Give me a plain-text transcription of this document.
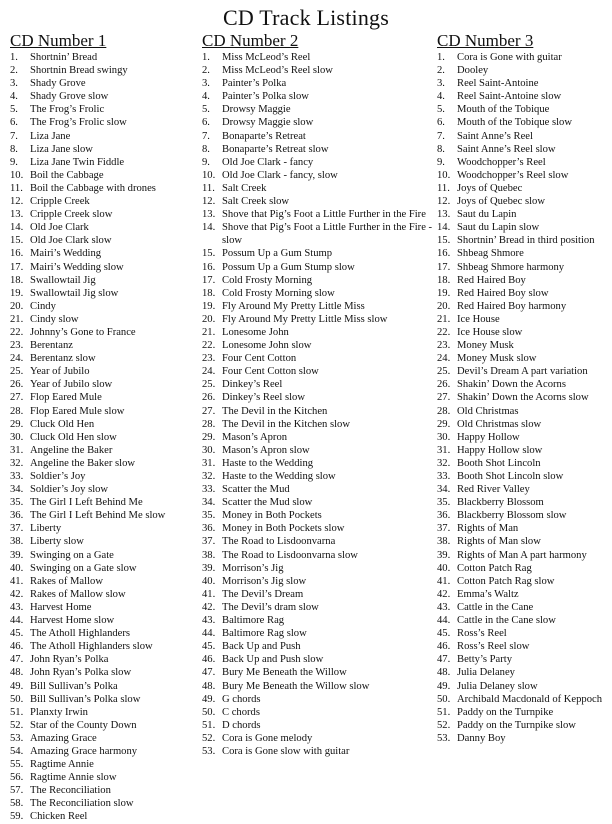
CD Track Listings
CD Number 1
1.	Shortnin’ Bread
2.	Shortnin Bread swingy
3.	Shady Grove
4.	Shady Grove slow
5.	The Frog’s Frolic
6.	The Frog’s Frolic slow
7.	Liza Jane
8.	Liza Jane slow
9.	Liza Jane Twin Fiddle
10. Boil the Cabbage
11. Boil the Cabbage with drones
12. Cripple Creek
13. Cripple Creek slow
14. Old Joe Clark
15. Old Joe Clark slow
16. Mairi’s Wedding
17. Mairi’s Wedding slow
18. Swallowtail Jig
19. Swallowtail Jig slow
20. Cindy
21. Cindy slow
22. Johnny’s Gone to France
23. Berentanz
24. Berentanz slow
25. Year of Jubilo
26. Year of Jubilo slow
27. Flop Eared Mule
28. Flop Eared Mule slow
29. Cluck Old Hen
30. Cluck Old Hen slow
31. Angeline the Baker
32. Angeline the Baker slow
33. Soldier’s Joy
34. Soldier’s Joy slow
35. The Girl I Left Behind Me
36. The Girl I Left Behind Me slow
37. Liberty
38. Liberty slow
39. Swinging on a Gate
40. Swinging on a Gate slow
41. Rakes of Mallow
42. Rakes of Mallow slow
43. Harvest Home
44. Harvest Home slow
45. The Atholl Highlanders
46. The Atholl Highlanders slow
47. John Ryan’s Polka
48. John Ryan’s Polka slow
49. Bill Sullivan’s Polka
50. Bill Sullivan’s Polka slow
51. Planxty Irwin
52. Star of the County Down
53. Amazing Grace
54. Amazing Grace harmony
55. Ragtime Annie
56. Ragtime Annie slow
57. The Reconciliation
58. The Reconciliation slow
59. Chicken Reel
CD Number 2
1.	Miss McLeod’s Reel
2.	Miss McLeod’s Reel slow
3.	Painter’s Polka
4.	Painter’s Polka slow
5.	Drowsy Maggie
6.	Drowsy Maggie slow
7.	Bonaparte’s Retreat
8.	Bonaparte’s Retreat slow
9.	Old Joe Clark - fancy
10. Old Joe Clark - fancy, slow
11. Salt Creek
12. Salt Creek slow
13. Shove that Pig’s Foot a Little Further in the Fire
14. Shove that Pig’s Foot a Little Further in the Fire - slow
15. Possum Up a Gum Stump
16. Possum Up a Gum Stump slow
17. Cold Frosty Morning
18. Cold Frosty Morning slow
19. Fly Around My Pretty Little Miss
20. Fly Around My Pretty Little Miss slow
21. Lonesome John
22. Lonesome John slow
23. Four Cent Cotton
24. Four Cent Cotton slow
25. Dinkey’s Reel
26. Dinkey’s Reel slow
27. The Devil in the Kitchen
28. The Devil in the Kitchen slow
29. Mason’s Apron
30. Mason’s Apron slow
31. Haste to the Wedding
32. Haste to the Wedding slow
33. Scatter the Mud
34. Scatter the Mud slow
35. Money in Both Pockets
36. Money in Both Pockets slow
37. The Road to Lisdoonvarna
38. The Road to Lisdoonvarna slow
39. Morrison’s Jig
40. Morrison’s Jig slow
41. The Devil’s Dream
42. The Devil’s dram slow
43. Baltimore Rag
44. Baltimore Rag slow
45. Back Up and Push
46. Back Up and Push slow
47. Bury Me Beneath the Willow
48. Bury Me Beneath the Willow slow
49. G chords
50. C chords
51. D chords
52. Cora is Gone melody
53. Cora is Gone slow with guitar
CD Number 3
1.	Cora is Gone with guitar
2.	Dooley
3.	Reel Saint-Antoine
4.	Reel Saint-Antoine slow
5.	Mouth of the Tobique
6.	Mouth of the Tobique slow
7.	Saint Anne’s Reel
8.	Saint Anne’s Reel slow
9.	Woodchopper’s Reel
10. Woodchopper’s Reel slow
11. Joys of Quebec
12. Joys of Quebec slow
13. Saut du Lapin
14. Saut du Lapin slow
15. Shortnin’ Bread in third position
16. Shbeag Shmore
17. Shbeag Shmore harmony
18. Red Haired Boy
19. Red Haired Boy slow
20. Red Haired Boy harmony
21. Ice House
22. Ice House slow
23. Money Musk
24. Money Musk slow
25. Devil’s Dream A part variation
26. Shakin’ Down the Acorns
27. Shakin’ Down the Acorns slow
28. Old Christmas
29. Old Christmas slow
30. Happy Hollow
31. Happy Hollow slow
32. Booth Shot Lincoln
33. Booth Shot Lincoln slow
34. Red River Valley
35. Blackberry Blossom
36. Blackberry Blossom slow
37. Rights of Man
38. Rights of Man slow
39. Rights of Man A part harmony
40. Cotton Patch Rag
41. Cotton Patch Rag slow
42. Emma’s Waltz
43. Cattle in the Cane
44. Cattle in the Cane slow
45. Ross’s Reel
46. Ross’s Reel slow
47. Betty’s Party
48. Julia Delaney
49. Julia Delaney slow
50. Archibald Macdonald of Keppoch
51. Paddy on the Turnpike
52. Paddy on the Turnpike slow
53. Danny Boy
